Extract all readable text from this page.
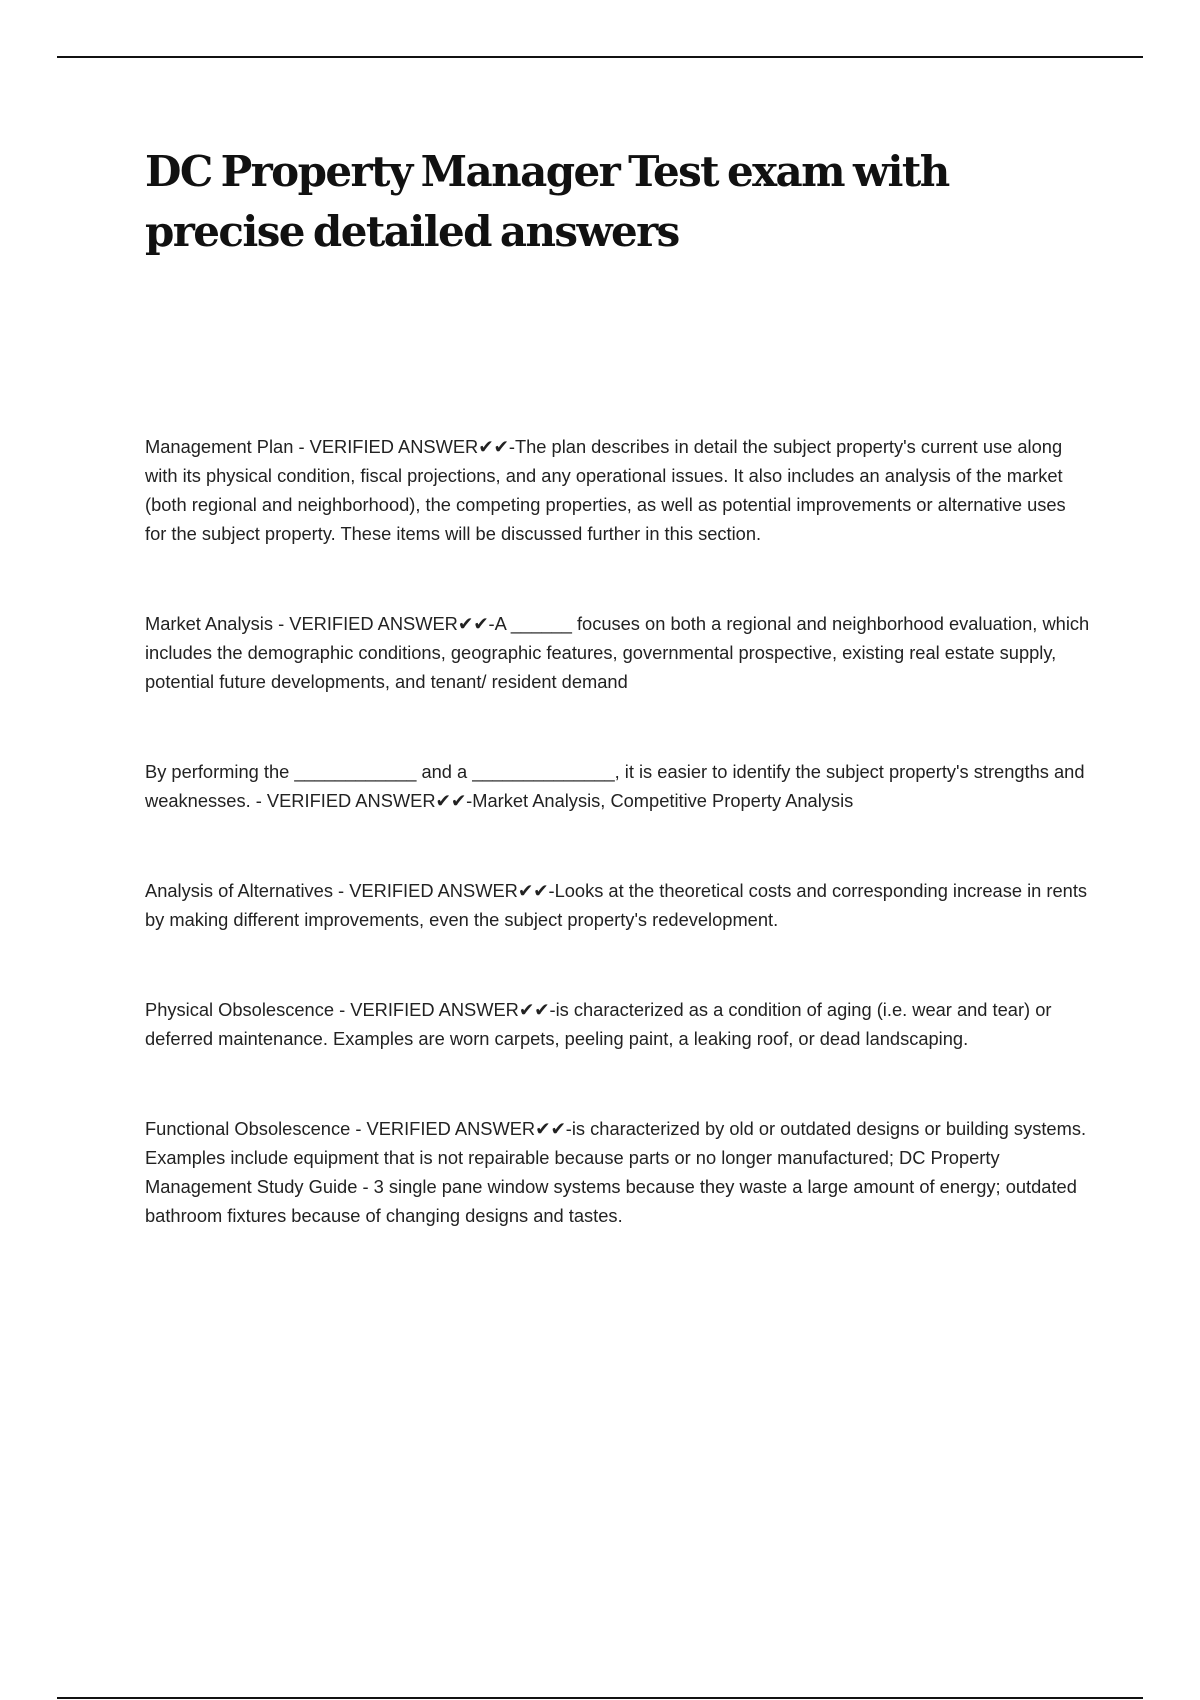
DC Property Manager Test exam with precise detailed answers

Management Plan - VERIFIED ANSWER✔✔-The plan describes in detail the subject property's current use along with its physical condition, fiscal projections, and any operational issues. It also includes an analysis of the market (both regional and neighborhood), the competing properties, as well as potential improvements or alternative uses for the subject property. These items will be discussed further in this section.

Market Analysis - VERIFIED ANSWER✔✔-A ______ focuses on both a regional and neighborhood evaluation, which includes the demographic conditions, geographic features, governmental prospective, existing real estate supply, potential future developments, and tenant/ resident demand

By performing the ____________ and a ______________, it is easier to identify the subject property's strengths and weaknesses. - VERIFIED ANSWER✔✔-Market Analysis, Competitive Property Analysis

Analysis of Alternatives - VERIFIED ANSWER✔✔-Looks at the theoretical costs and corresponding increase in rents by making different improvements, even the subject property's redevelopment.

Physical Obsolescence - VERIFIED ANSWER✔✔-is characterized as a condition of aging (i.e. wear and tear) or deferred maintenance. Examples are worn carpets, peeling paint, a leaking roof, or dead landscaping.

Functional Obsolescence - VERIFIED ANSWER✔✔-is characterized by old or outdated designs or building systems. Examples include equipment that is not repairable because parts or no longer manufactured; DC Property Management Study Guide - 3 single pane window systems because they waste a large amount of energy; outdated bathroom fixtures because of changing designs and tastes.
